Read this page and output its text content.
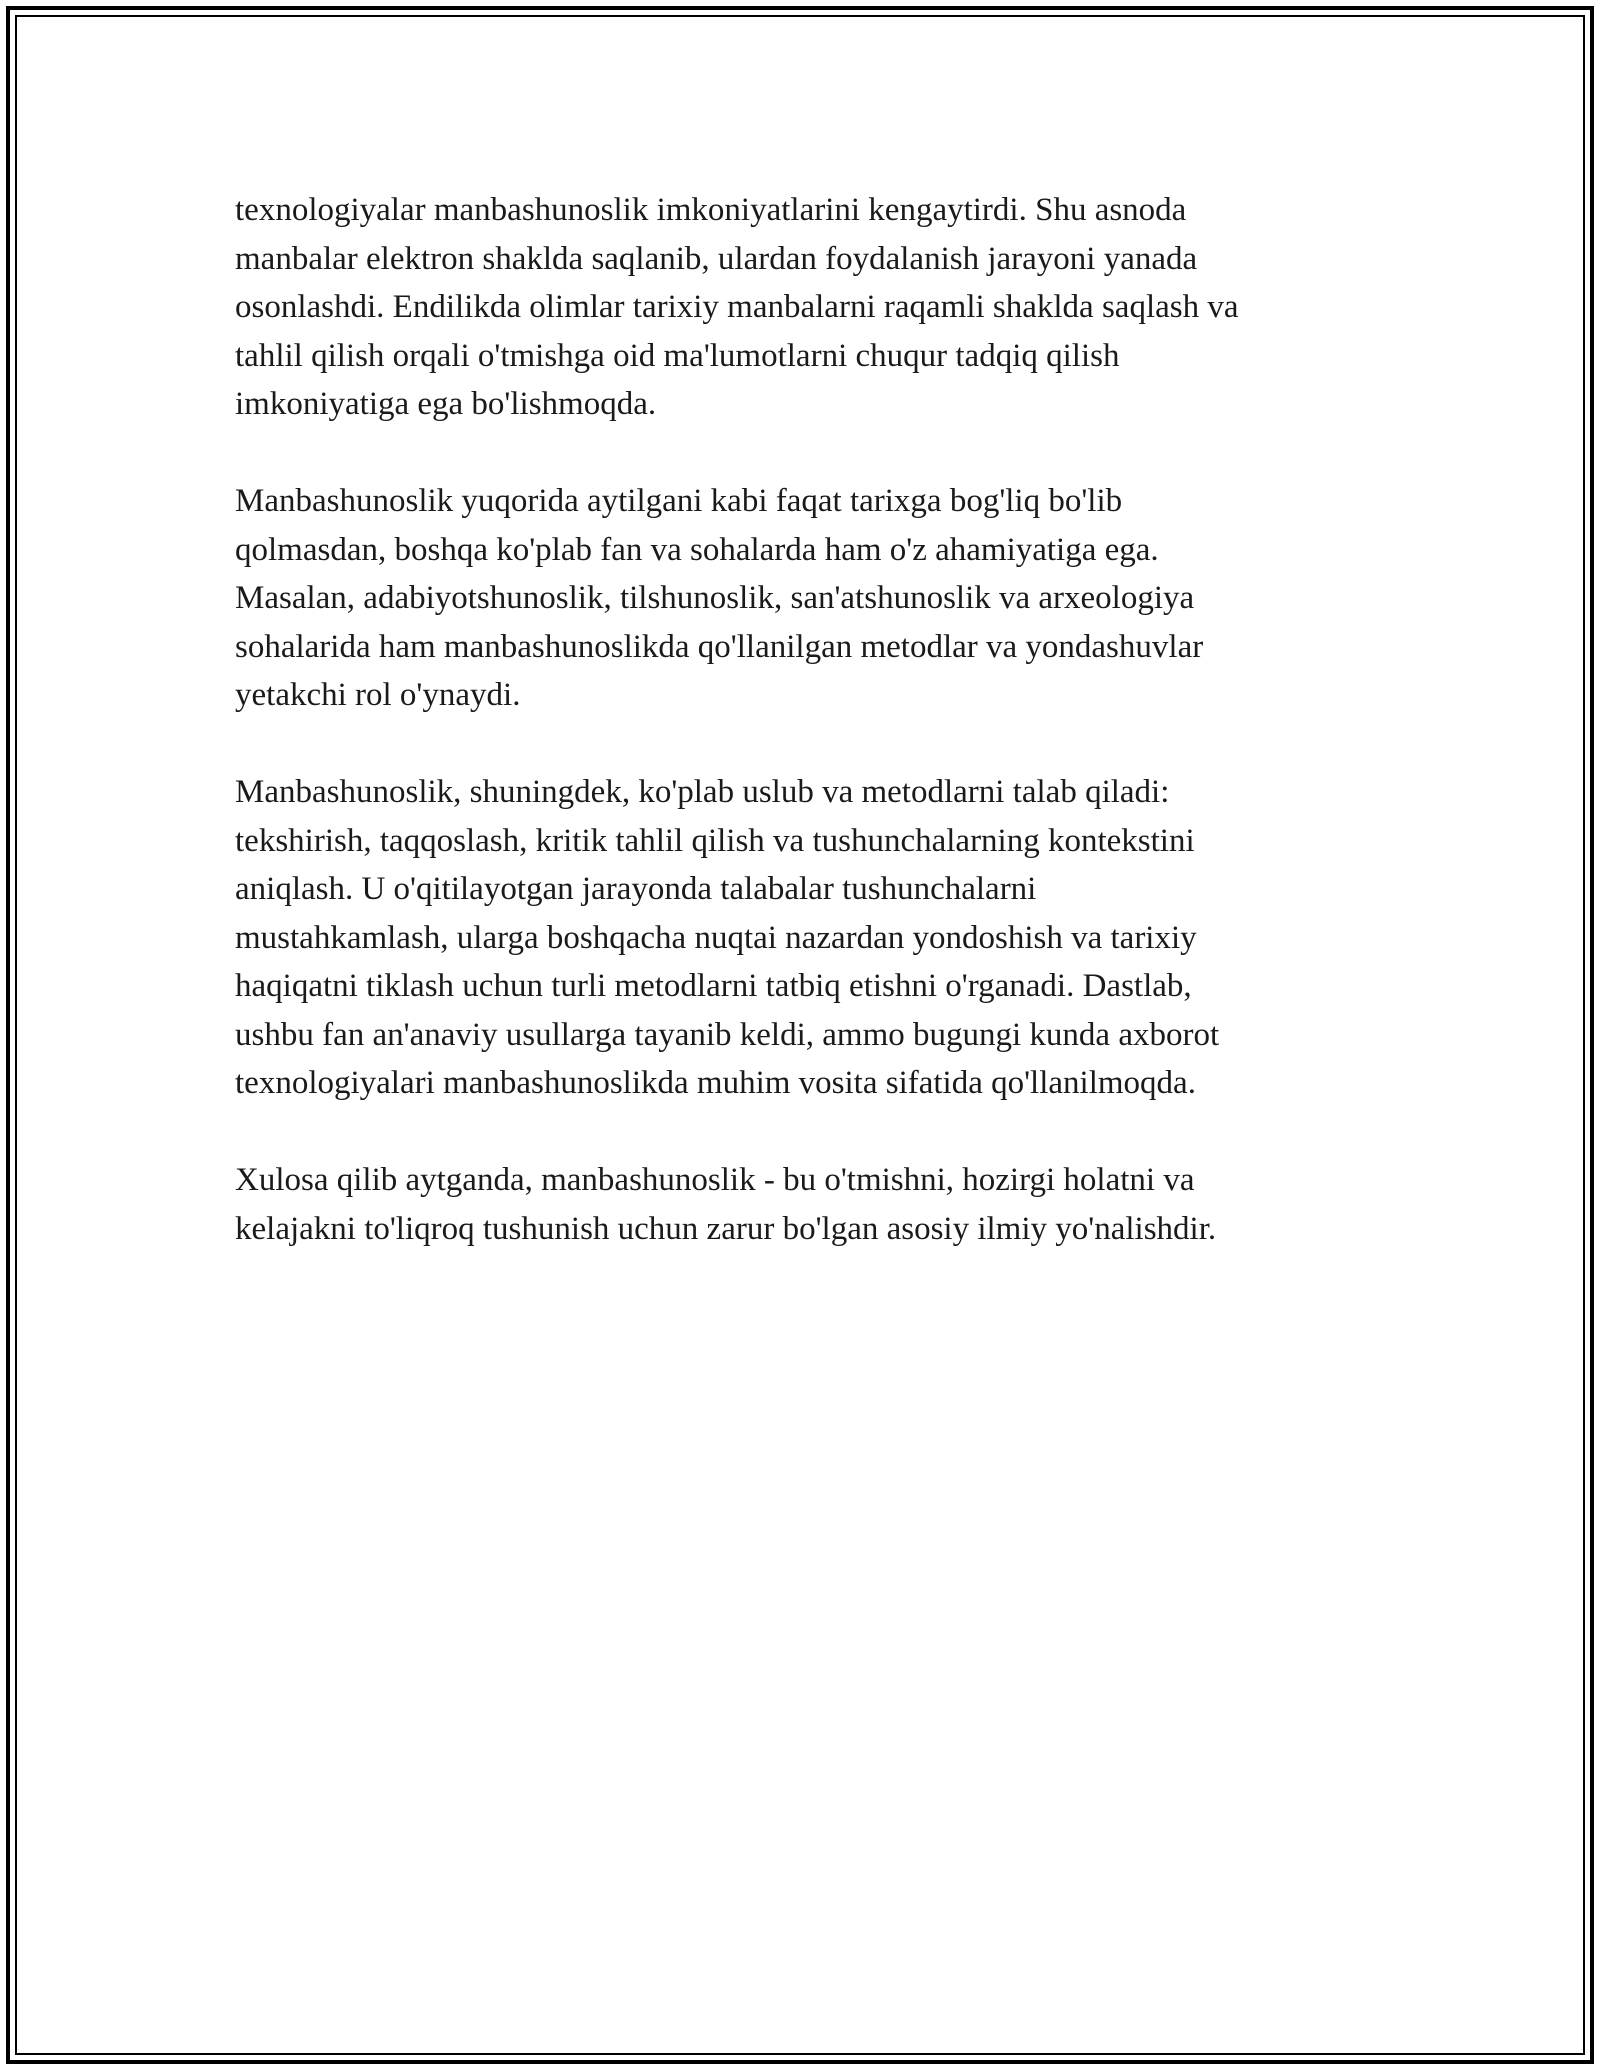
texnologiyalar manbashunoslik imkoniyatlarini kengaytirdi. Shu asnoda
manbalar elektron shaklda saqlanib, ulardan foydalanish jarayoni yanada
osonlashdi. Endilikda olimlar tarixiy manbalarni raqamli shaklda saqlash va
tahlil qilish orqali o'tmishga oid ma'lumotlarni chuqur tadqiq qilish
imkoniyatiga ega bo'lishmoqda.

Manbashunoslik yuqorida aytilgani kabi faqat tarixga bog'liq bo'lib
qolmasdan, boshqa ko'plab fan va sohalarda ham o'z ahamiyatiga ega.
Masalan, adabiyotshunoslik, tilshunoslik, san'atshunoslik va arxeologiya
sohalarida ham manbashunoslikda qo'llanilgan metodlar va yondashuvlar
yetakchi rol o'ynaydi.

Manbashunoslik, shuningdek, ko'plab uslub va metodlarni talab qiladi:
tekshirish, taqqoslash, kritik tahlil qilish va tushunchalarning kontekstini
aniqlash. U o'qitilayotgan jarayonda talabalar tushunchalarni
mustahkamlash, ularga boshqacha nuqtai nazardan yondoshish va tarixiy
haqiqatni tiklash uchun turli metodlarni tatbiq etishni o'rganadi. Dastlab,
ushbu fan an'anaviy usullarga tayanib keldi, ammo bugungi kunda axborot
texnologiyalari manbashunoslikda muhim vosita sifatida qo'llanilmoqda.

Xulosa qilib aytganda, manbashunoslik - bu o'tmishni, hozirgi holatni va
kelajakni to'liqroq tushunish uchun zarur bo'lgan asosiy ilmiy yo'nalishdir.
